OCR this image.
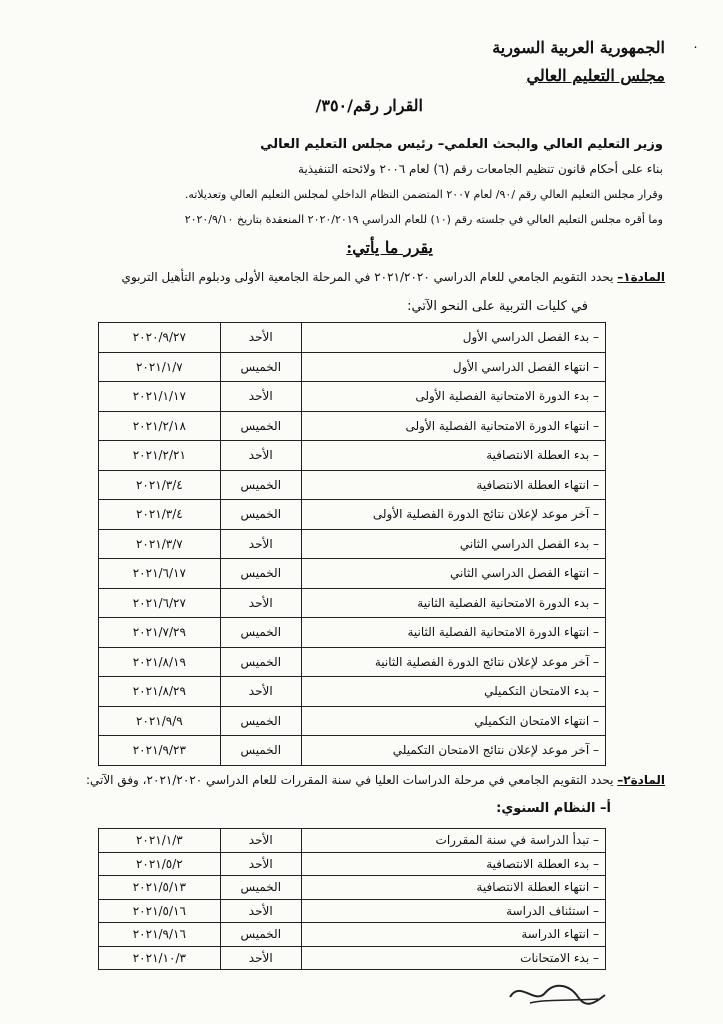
٠
الجمهورية العربية السورية
مجلس التعليم العالي
القرار رقم/٣٥٠/
وزير التعليم العالي والبحث العلمي– رئيس مجلس التعليم العالي
بناء على أحكام قانون تنظيم الجامعات رقم (٦) لعام ٢٠٠٦ ولائحته التنفيذية
وقرار مجلس التعليم العالي رقم /٩٠/ لعام ٢٠٠٧ المتضمن النظام الداخلي لمجلس التعليم العالي وتعديلاته.
وما أقره مجلس التعليم العالي في جلسته رقم (١٠) للعام الدراسي ٢٠٢٠/٢٠١٩ المنعقدة بتاريخ ٢٠٢٠/٩/١٠
يقرر ما يأتي:
المادة١– يحدد التقويم الجامعي للعام الدراسي ٢٠٢١/٢٠٢٠ في المرحلة الجامعية الأولى ودبلوم التأهيل التربوي
في كليات التربية على النحو الآتي:
– بدء الفصل الدراسي الأول	الأحد	٢٠٢٠/٩/٢٧
– انتهاء الفصل الدراسي الأول	الخميس	٢٠٢١/١/٧
– بدء الدورة الامتحانية الفصلية الأولى	الأحد	٢٠٢١/١/١٧
– انتهاء الدورة الامتحانية الفصلية الأولى	الخميس	٢٠٢١/٢/١٨
– بدء العطلة الانتصافية	الأحد	٢٠٢١/٢/٢١
– انتهاء العطلة الانتصافية	الخميس	٢٠٢١/٣/٤
– آخر موعد لإعلان نتائج الدورة الفصلية الأولى	الخميس	٢٠٢١/٣/٤
– بدء الفصل الدراسي الثاني	الأحد	٢٠٢١/٣/٧
– انتهاء الفصل الدراسي الثاني	الخميس	٢٠٢١/٦/١٧
– بدء الدورة الامتحانية الفصلية الثانية	الأحد	٢٠٢١/٦/٢٧
– انتهاء الدورة الامتحانية الفصلية الثانية	الخميس	٢٠٢١/٧/٢٩
– آخر موعد لإعلان نتائج الدورة الفصلية الثانية	الخميس	٢٠٢١/٨/١٩
– بدء الامتحان التكميلي	الأحد	٢٠٢١/٨/٢٩
– انتهاء الامتحان التكميلي	الخميس	٢٠٢١/٩/٩
– آخر موعد لإعلان نتائج الامتحان التكميلي	الخميس	٢٠٢١/٩/٢٣
المادة٢– يحدد التقويم الجامعي في مرحلة الدراسات العليا في سنة المقررات للعام الدراسي ٢٠٢١/٢٠٢٠، وفق الآتي:
أ– النظام السنوي:
– تبدأ الدراسة في سنة المقررات	الأحد	٢٠٢١/١/٣
– بدء العطلة الانتصافية	الأحد	٢٠٢١/٥/٢
– انتهاء العطلة الانتصافية	الخميس	٢٠٢١/٥/١٣
– استئناف الدراسة	الأحد	٢٠٢١/٥/١٦
– انتهاء الدراسة	الخميس	٢٠٢١/٩/١٦
– بدء الامتحانات	الأحد	٢٠٢١/١٠/٣
